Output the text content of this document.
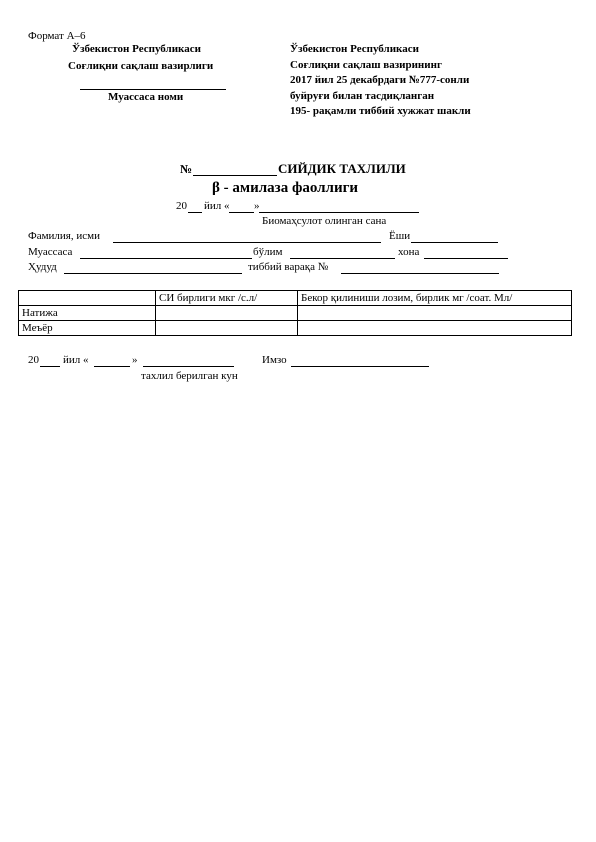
Формат А–6
Ўзбекистон Республикаси
Соғлиқни сақлаш вазирлиги
Муассаса номи
Ўзбекистон Республикаси
Соғлиқни сақлаш вазирининг
2017 йил 25 декабрдаги №777-сонли
буйруғи билан тасдиқланган
195- рақамли тиббий хужжат шакли
№	СИЙДИК ТАХЛИЛИ
β - амилаза фаоллиги
20 йил « »
Биомаҳсулот олинган сана
Фамилия, исми	Ёши
Муассаса	бўлим	хона
Ҳудуд	тиббий варақа №
	СИ бирлиги мкг /с.л/	Бекор қилиниши лозим, бирлик мг /соат. Мл/
Натижа		
Меъёр		
20 йил «	»	Имзо
тахлил берилган кун
